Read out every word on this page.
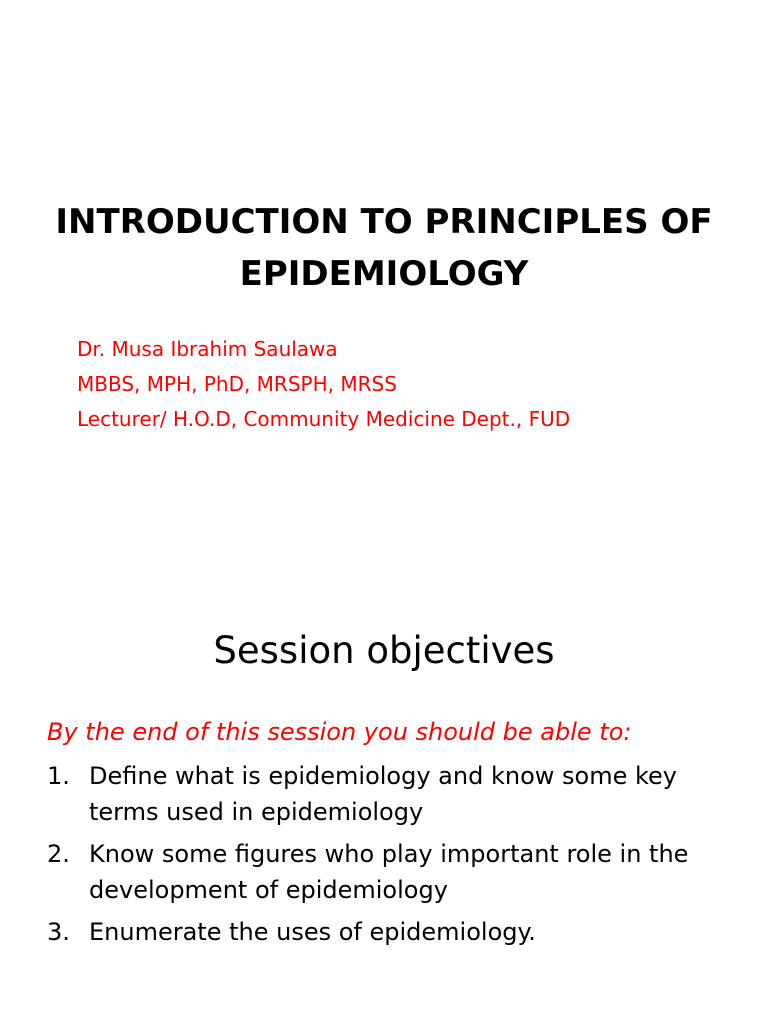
INTRODUCTION TO PRINCIPLES OF
EPIDEMIOLOGY
Dr. Musa Ibrahim Saulawa
MBBS, MPH, PhD, MRSPH, MRSS
Lecturer/ H.O.D, Community Medicine Dept., FUD
Session objectives
By the end of this session you should be able to:
1. Define what is epidemiology and know some key terms used in epidemiology
2. Know some figures who play important role in the development of epidemiology
3. Enumerate the uses of epidemiology.
